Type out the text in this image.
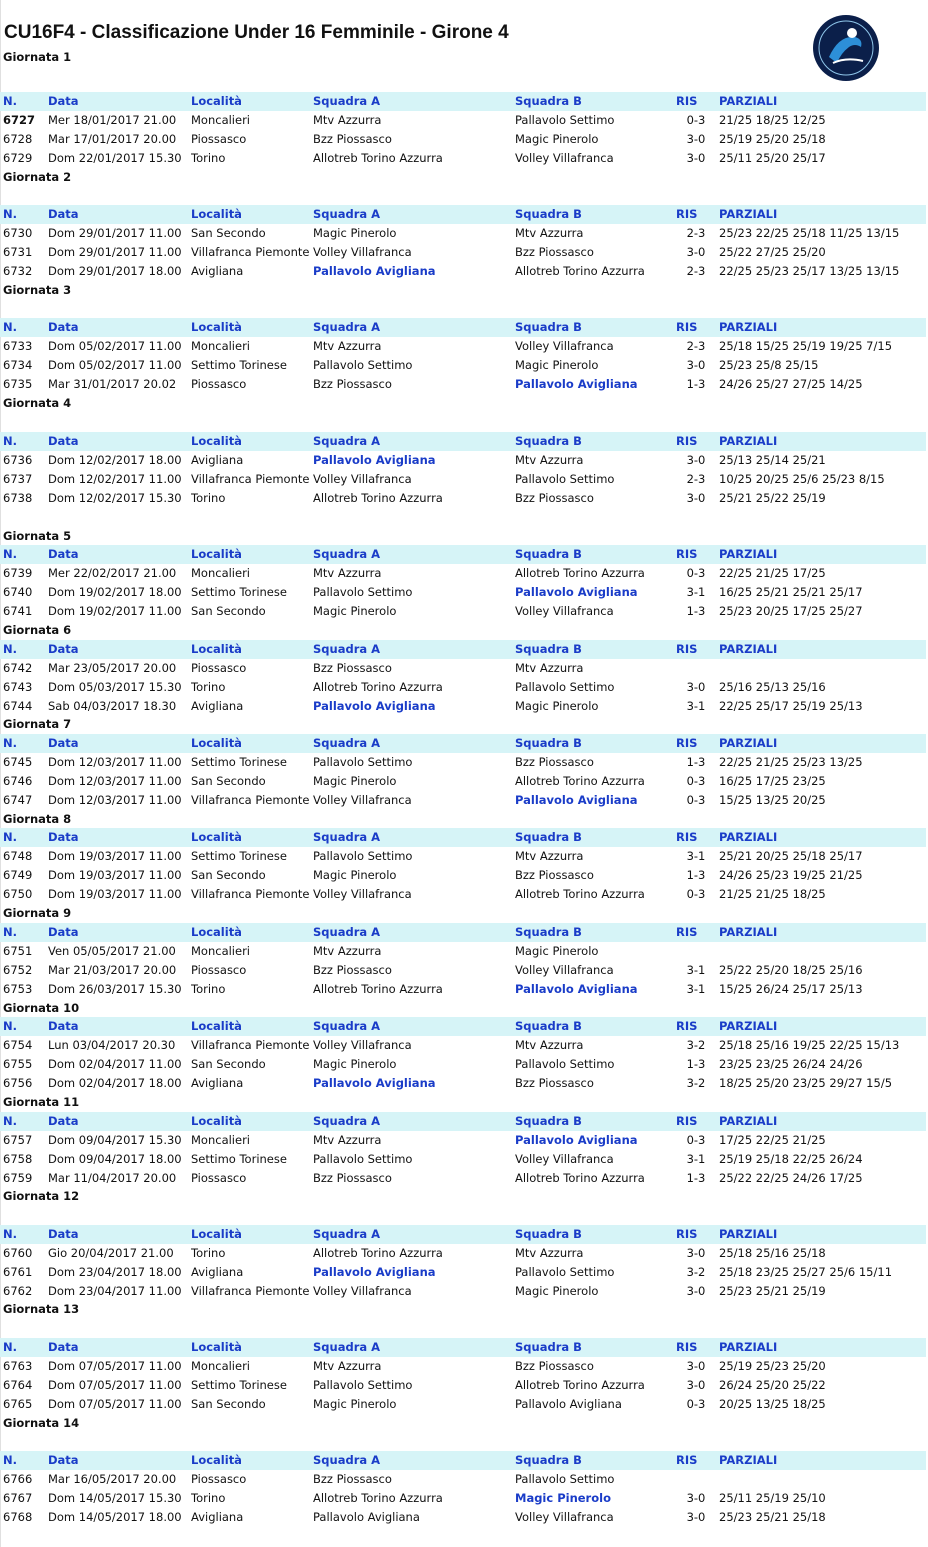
CU16F4 - Classificazione Under 16 Femminile - Girone 4
N.	Data	Località	Squadra A	Squadra B	RIS	PARZIALI
6727	Mer 18/01/2017 21.00	Moncalieri	Mtv Azzurra	Pallavolo Settimo	0-3	21/25 18/25 12/25
6728	Mar 17/01/2017 20.00	Piossasco	Bzz Piossasco	Magic Pinerolo	3-0	25/19 25/20 25/18
6729	Dom 22/01/2017 15.30 Torino	Allotreb Torino Azzurra	Volley Villafranca	3-0	25/11 25/20 25/17
N.	Data	Località	Squadra A	Squadra B	RIS	PARZIALI
6730	Dom 29/01/2017 11.00 San Secondo	Magic Pinerolo	Mtv Azzurra	2-3	25/23 22/25 25/18 11/25 13/15
6731	Dom 29/01/2017 11.00 Villafranca Piemonte Volley Villafranca	Bzz Piossasco	3-0	25/22 27/25 25/20
6732	Dom 29/01/2017 18.00 Avigliana	Pallavolo Avigliana	Allotreb Torino Azzurra	2-3	22/25 25/23 25/17 13/25 13/15
N.	Data	Località	Squadra A	Squadra B	RIS	PARZIALI
6733	Dom 05/02/2017 11.00 Moncalieri	Mtv Azzurra	Volley Villafranca	2-3	25/18 15/25 25/19 19/25 7/15
6734	Dom 05/02/2017 11.00 Settimo Torinese	Pallavolo Settimo	Magic Pinerolo	3-0	25/23 25/8 25/15
6735	Mar 31/01/2017 20.02	Piossasco	Bzz Piossasco	Pallavolo Avigliana	1-3	24/26 25/27 27/25 14/25
N.	Data	Località	Squadra A	Squadra B	RIS	PARZIALI
6736	Dom 12/02/2017 18.00 Avigliana	Pallavolo Avigliana	Mtv Azzurra	3-0	25/13 25/14 25/21
6737	Dom 12/02/2017 11.00 Villafranca Piemonte Volley Villafranca	Pallavolo Settimo	2-3	10/25 20/25 25/6 25/23 8/15
6738	Dom 12/02/2017 15.30 Torino	Allotreb Torino Azzurra	Bzz Piossasco	3-0	25/21 25/22 25/19
N.	Data	Località	Squadra A	Squadra B	RIS	PARZIALI
6739	Mer 22/02/2017 21.00	Moncalieri	Mtv Azzurra	Allotreb Torino Azzurra	0-3	22/25 21/25 17/25
6740	Dom 19/02/2017 18.00 Settimo Torinese	Pallavolo Settimo	Pallavolo Avigliana	3-1	16/25 25/21 25/21 25/17
6741	Dom 19/02/2017 11.00 San Secondo	Magic Pinerolo	Volley Villafranca	1-3	25/23 20/25 17/25 25/27
N.	Data	Località	Squadra A	Squadra B	RIS	PARZIALI
6742	Mar 23/05/2017 20.00	Piossasco	Bzz Piossasco	Mtv Azzurra
6743	Dom 05/03/2017 15.30 Torino	Allotreb Torino Azzurra	Pallavolo Settimo	3-0	25/16 25/13 25/16
6744	Sab 04/03/2017 18.30	Avigliana	Pallavolo Avigliana	Magic Pinerolo	3-1	22/25 25/17 25/19 25/13
N.	Data	Località	Squadra A	Squadra B	RIS	PARZIALI
6745	Dom 12/03/2017 11.00 Settimo Torinese	Pallavolo Settimo	Bzz Piossasco	1-3	22/25 21/25 25/23 13/25
6746	Dom 12/03/2017 11.00 San Secondo	Magic Pinerolo	Allotreb Torino Azzurra	0-3	16/25 17/25 23/25
6747	Dom 12/03/2017 11.00 Villafranca Piemonte Volley Villafranca	Pallavolo Avigliana	0-3	15/25 13/25 20/25
N.	Data	Località	Squadra A	Squadra B	RIS	PARZIALI
6748	Dom 19/03/2017 11.00 Settimo Torinese	Pallavolo Settimo	Mtv Azzurra	3-1	25/21 20/25 25/18 25/17
6749	Dom 19/03/2017 11.00 San Secondo	Magic Pinerolo	Bzz Piossasco	1-3	24/26 25/23 19/25 21/25
6750	Dom 19/03/2017 11.00 Villafranca Piemonte Volley Villafranca	Allotreb Torino Azzurra	0-3	21/25 21/25 18/25
N.	Data	Località	Squadra A	Squadra B	RIS	PARZIALI
6751	Ven 05/05/2017 21.00	Moncalieri	Mtv Azzurra	Magic Pinerolo
6752	Mar 21/03/2017 20.00	Piossasco	Bzz Piossasco	Volley Villafranca	3-1	25/22 25/20 18/25 25/16
6753	Dom 26/03/2017 15.30 Torino	Allotreb Torino Azzurra	Pallavolo Avigliana	3-1	15/25 26/24 25/17 25/13
N.	Data	Località	Squadra A	Squadra B	RIS	PARZIALI
6754	Lun 03/04/2017 20.30	Villafranca Piemonte Volley Villafranca	Mtv Azzurra	3-2	25/18 25/16 19/25 22/25 15/13
6755	Dom 02/04/2017 11.00 San Secondo	Magic Pinerolo	Pallavolo Settimo	1-3	23/25 23/25 26/24 24/26
6756	Dom 02/04/2017 18.00 Avigliana	Pallavolo Avigliana	Bzz Piossasco	3-2	18/25 25/20 23/25 29/27 15/5
N.	Data	Località	Squadra A	Squadra B	RIS	PARZIALI
6757	Dom 09/04/2017 15.30 Moncalieri	Mtv Azzurra	Pallavolo Avigliana	0-3	17/25 22/25 21/25
6758	Dom 09/04/2017 18.00 Settimo Torinese	Pallavolo Settimo	Volley Villafranca	3-1	25/19 25/18 22/25 26/24
6759	Mar 11/04/2017 20.00	Piossasco	Bzz Piossasco	Allotreb Torino Azzurra	1-3	25/22 22/25 24/26 17/25
N.	Data	Località	Squadra A	Squadra B	RIS	PARZIALI
6760	Gio 20/04/2017 21.00	Torino	Allotreb Torino Azzurra	Mtv Azzurra	3-0	25/18 25/16 25/18
6761	Dom 23/04/2017 18.00 Avigliana	Pallavolo Avigliana	Pallavolo Settimo	3-2	25/18 23/25 25/27 25/6 15/11
6762	Dom 23/04/2017 11.00 Villafranca Piemonte Volley Villafranca	Magic Pinerolo	3-0	25/23 25/21 25/19
N.	Data	Località	Squadra A	Squadra B	RIS	PARZIALI
6763	Dom 07/05/2017 11.00 Moncalieri	Mtv Azzurra	Bzz Piossasco	3-0	25/19 25/23 25/20
6764	Dom 07/05/2017 11.00 Settimo Torinese	Pallavolo Settimo	Allotreb Torino Azzurra	3-0	26/24 25/20 25/22
6765	Dom 07/05/2017 11.00 San Secondo	Magic Pinerolo	Pallavolo Avigliana	0-3	20/25 13/25 18/25
N.	Data	Località	Squadra A	Squadra B	RIS	PARZIALI
6766	Mar 16/05/2017 20.00	Piossasco	Bzz Piossasco	Pallavolo Settimo
6767	Dom 14/05/2017 15.30 Torino	Allotreb Torino Azzurra	Magic Pinerolo	3-0	25/11 25/19 25/10
6768	Dom 14/05/2017 18.00 Avigliana	Pallavolo Avigliana	Volley Villafranca	3-0	25/23 25/21 25/18
Giornata 1
Giornata 2
Giornata 3
Giornata 4
Giornata 5
Giornata 6
Giornata 7
Giornata 8
Giornata 9
Giornata 10
Giornata 11
Giornata 12
Giornata 13
Giornata 14
